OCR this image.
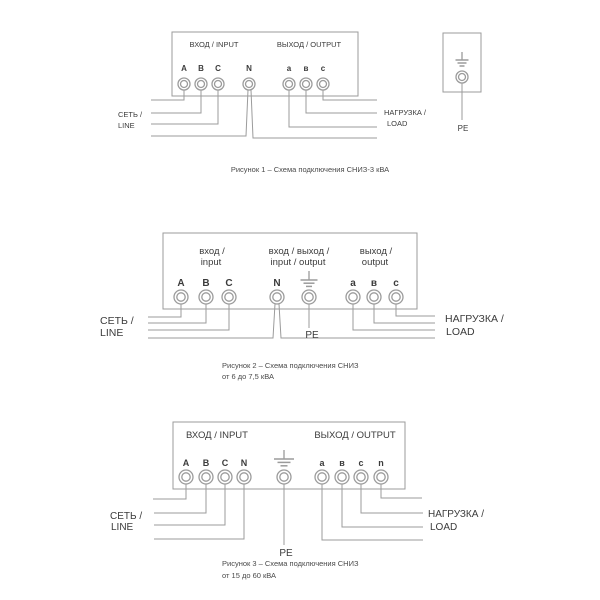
A B C	N	а в с
ВХОД / INPUT	ВЫХОД / OUTPUT
СЕТЬ /
LINE
НАГРУЗКА /
LOAD
PE
Рисунок 1 – Схема подключения СНИЗ-3 кВА
A B C	N	а в с
вход /
input
вход / выход /
input / output
выход /
output
СЕТЬ /
LINE
НАГРУЗКА /
LOAD
PE
Рисунок 2 – Схема подключения СНИЗ
от 6 до 7,5 кВА
A B C N	а в с n
ВХОД / INPUT	ВЫХОД / OUTPUT
СЕТЬ /
LINE
НАГРУЗКА /
LOAD
PE
Рисунок 3 – Схема подключения СНИЗ
от 15 до 60 кВА
